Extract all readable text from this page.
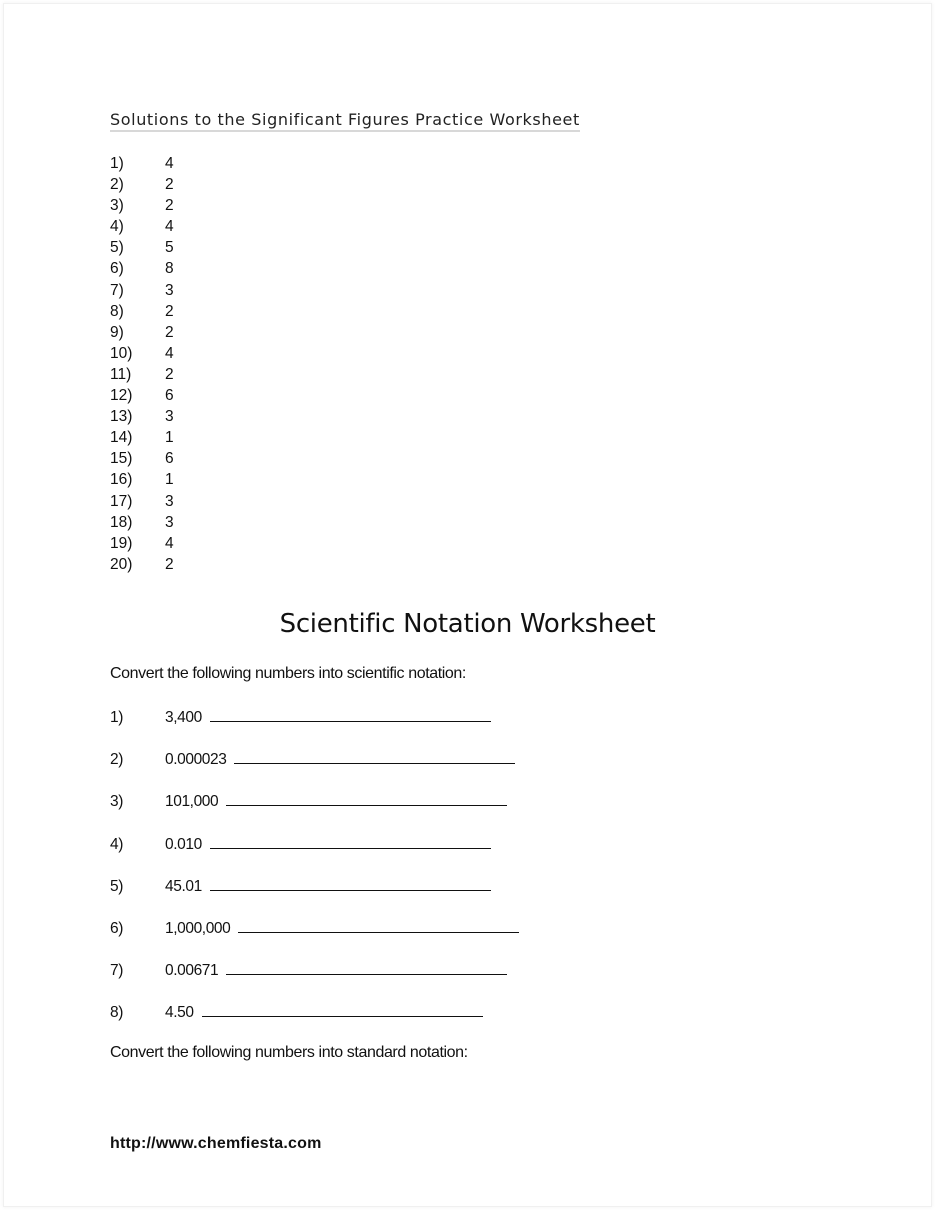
Solutions to the Significant Figures Practice Worksheet
1)	4
2)	2
3)	2
4)	4
5)	5
6)	8
7)	3
8)	2
9)	2
10) 4
11) 2
12) 6
13) 3
14) 1
15) 6
16) 1
17) 3
18) 3
19) 4
20) 2
Scientific Notation Worksheet
Convert the following numbers into scientific notation:
1)	3,400
2)	0.000023
3)	101,000
4)	0.010
5)	45.01
6)	1,000,000
7)	0.00671
8)	4.50
Convert the following numbers into standard notation:
http://www.chemfiesta.com
